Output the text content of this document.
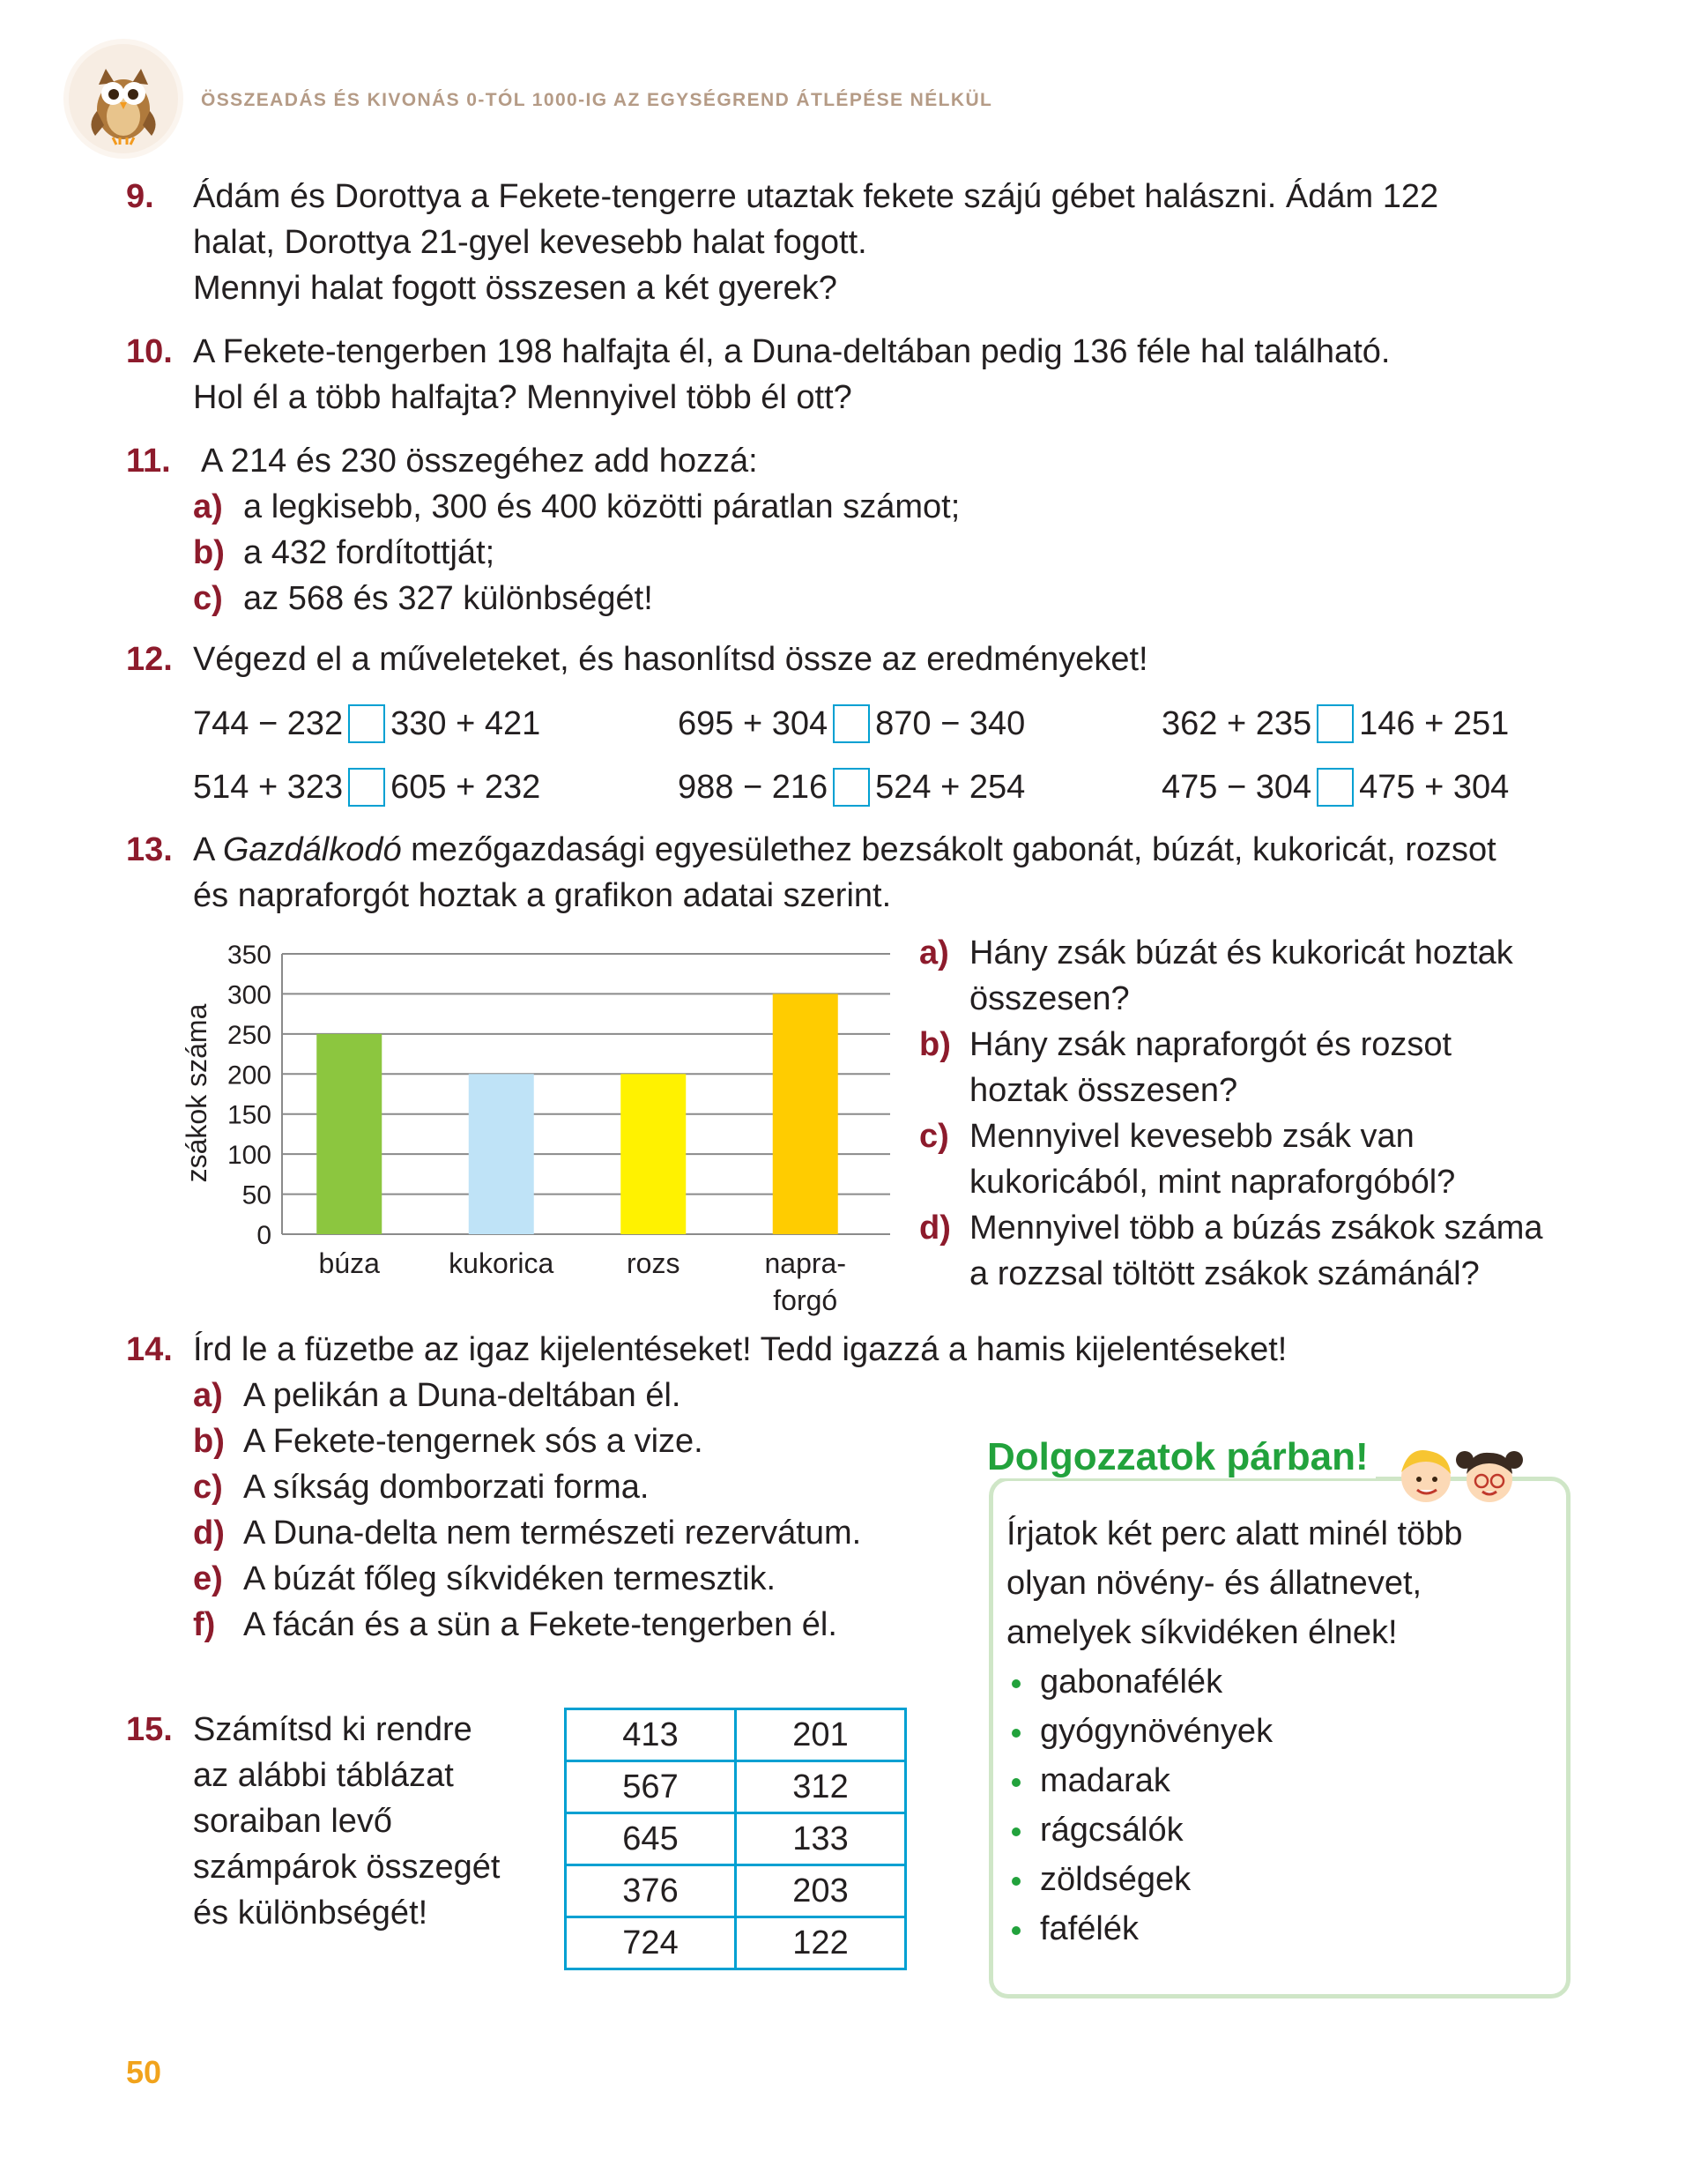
ÖSSZEADÁS ÉS KIVONÁS 0-TÓL 1000-IG AZ EGYSÉGREND ÁTLÉPÉSE NÉLKÜL
9. Ádám és Dorottya a Fekete-tengerre utaztak fekete szájú gébet halászni. Ádám 122
halat, Dorottya 21-gyel kevesebb halat fogott.
Mennyi halat fogott összesen a két gyerek?
10. A Fekete-tengerben 198 halfajta él, a Duna-deltában pedig 136 féle hal található.
Hol él a több halfajta? Mennyivel több él ott?
11. A 214 és 230 összegéhez add hozzá:
a) a legkisebb, 300 és 400 közötti páratlan számot;
b) a 432 fordítottját;
c) az 568 és 327 különbségét!
12. Végezd el a műveleteket, és hasonlítsd össze az eredményeket!
744 − 232 330 + 421	695 + 304 870 − 340	362 + 235 146 + 251
514 + 323 605 + 232	988 − 216 524 + 254	475 − 304 475 + 304
13. A Gazdálkodó mezőgazdasági egyesülethez bezsákolt gabonát, búzát, kukoricát, rozsot
és napraforgót hoztak a grafikon adatai szerint.
0
50
100
150
200
250
300
350
búza kukorica	rozs	napra-
forgó
zsákok száma
a) Hány zsák búzát és kukoricát hoztak
összesen?
b) Hány zsák napraforgót és rozsot
hoztak összesen?
c) Mennyivel kevesebb zsák van
kukoricából, mint napraforgóból?
d) Mennyivel több a búzás zsákok száma
a rozzsal töltött zsákok számánál?
14. Írd le a füzetbe az igaz kijelentéseket! Tedd igazzá a hamis kijelentéseket!
a) A pelikán a Duna-deltában él.
b) A Fekete-tengernek sós a vize.
c) A síkság domborzati forma.
d) A Duna-delta nem természeti rezervátum.
e) A búzát főleg síkvidéken termesztik.
f) A fácán és a sün a Fekete-tengerben él.
Dolgozzatok párban!
Írjatok két perc alatt minél több
olyan növény- és állatnevet,
amelyek síkvidéken élnek!
gabonafélék
gyógynövények
madarak
rágcsálók
zöldségek
fafélék
15. Számítsd ki rendre
az alábbi táblázat
soraiban levő
számpárok összegét
és különbségét!
413	201
567	312
645	133
376	203
724	122
50
